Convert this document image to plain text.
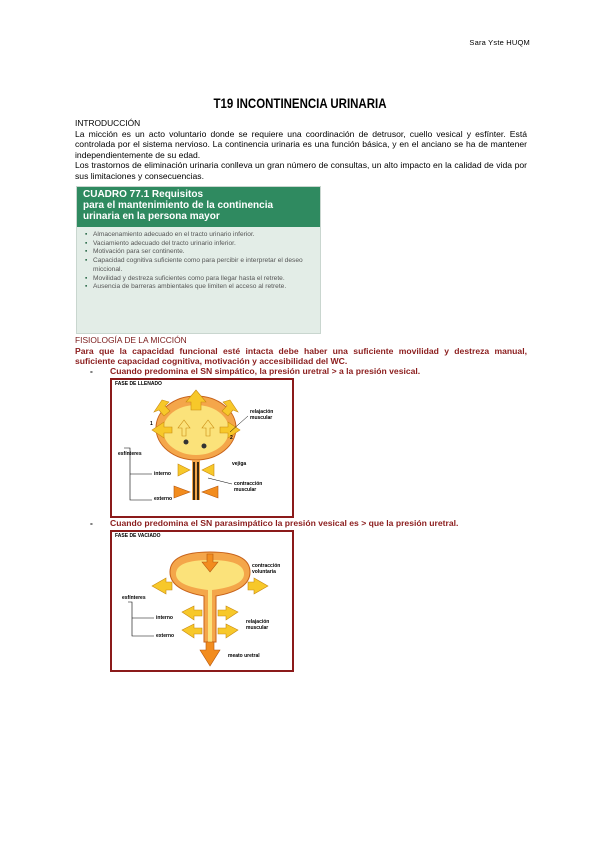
Sara Yste HUQM
T19 INCONTINENCIA URINARIA
INTRODUCCIÓN

La micción es un acto voluntario donde se requiere una coordinación de detrusor, cuello vesical y esfínter. Está controlada por el sistema nervioso. La continencia urinaria es una función básica, y en el anciano se ha de mantener independientemente de su edad.

Los trastornos de eliminación urinaria conlleva un gran número de consultas, un alto impacto en la calidad de vida por sus limitaciones y consecuencias.

CUADRO 77.1 Requisitos
para el mantenimiento de la continencia
urinaria en la persona mayor
▪ Almacenamiento adecuado en el tracto urinario inferior.
▪ Vaciamiento adecuado del tracto urinario inferior.
▪ Motivación para ser continente.
▪ Capacidad cognitiva suficiente como para percibir e interpretar el deseo miccional.
▪ Movilidad y destreza suficientes como para llegar hasta el retrete.
▪ Ausencia de barreras ambientales que limiten el acceso al retrete.
FISIOLOGÍA DE LA MICCIÓN

Para que la capacidad funcional esté intacta debe haber una suficiente movilidad y destreza manual, suficiente capacidad cognitiva, motivación y accesibilidad del WC.

- Cuando predomina el SN simpático, la presión uretral > a la presión vesical.
FASE DE LLENADO
relajación muscular
vejiga
esfínteres
interno
externo
contracción muscular
1
2
- Cuando predomina el SN parasimpático la presión vesical es > que la presión uretral.
FASE DE VACIADO
contracción voluntaria
esfínteres
interno
externo
relajación muscular
meato uretral
